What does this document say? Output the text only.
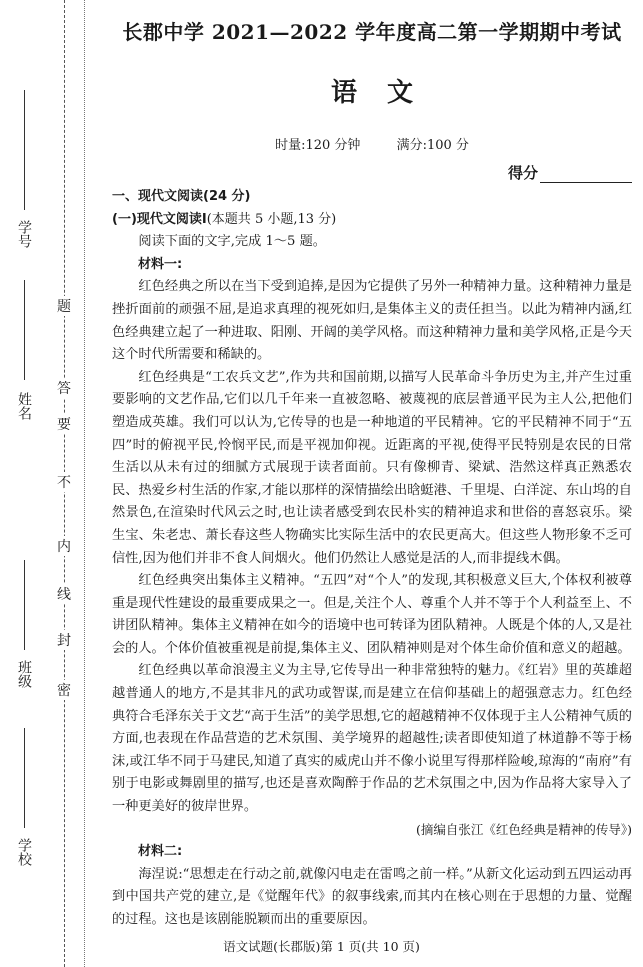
学号
姓名
班级
学校
题
答
要
不
内
线
封
密
长郡中学 2021—2022 学年度高二第一学期期中考试
语文
时量:120 分钟	满分:100 分
得分
一、现代文阅读(24 分)
(一)现代文阅读Ⅰ(本题共 5 小题,13 分)
阅读下面的文字,完成 1～5 题。
材料一:

红色经典之所以在当下受到追捧,是因为它提供了另外一种精神力量。这种精神力量是挫折面前的顽强不屈,是追求真理的视死如归,是集体主义的责任担当。以此为精神内涵,红色经典建立起了一种进取、阳刚、开阔的美学风格。而这种精神力量和美学风格,正是今天这个时代所需要和稀缺的。

红色经典是“工农兵文艺”,作为共和国前期,以描写人民革命斗争历史为主,并产生过重要影响的文艺作品,它们以几千年来一直被忽略、被蔑视的底层普通平民为主人公,把他们塑造成英雄。我们可以认为,它传导的也是一种地道的平民精神。它的平民精神不同于“五四”时的俯视平民,怜悯平民,而是平视加仰视。近距离的平视,使得平民特别是农民的日常生活以从未有过的细腻方式展现于读者面前。只有像柳青、梁斌、浩然这样真正熟悉农民、热爱乡村生活的作家,才能以那样的深情描绘出晗蜓港、千里堤、白洋淀、东山坞的自然景色,在渲染时代风云之时,也让读者感受到农民朴实的精神追求和世俗的喜怒哀乐。梁生宝、朱老忠、萧长春这些人物确实比实际生活中的农民更高大。但这些人物形象不乏可信性,因为他们并非不食人间烟火。他们仍然让人感觉是活的人,而非提线木偶。

红色经典突出集体主义精神。“五四”对“个人”的发现,其积极意义巨大,个体权利被尊重是现代性建设的最重要成果之一。但是,关注个人、尊重个人并不等于个人利益至上、不讲团队精神。集体主义精神在如今的语境中也可转译为团队精神。人既是个体的人,又是社会的人。个体价值被重视是前提,集体主义、团队精神则是对个体生命价值和意义的超越。

红色经典以革命浪漫主义为主导,它传导出一种非常独特的魅力。《红岩》里的英雄超越普通人的地方,不是其非凡的武功或智谋,而是建立在信仰基础上的超强意志力。红色经典符合毛泽东关于文艺“高于生活”的美学思想,它的超越精神不仅体现于主人公精神气质的方面,也表现在作品营造的艺术氛围、美学境界的超越性;读者即使知道了林道静不等于杨沫,或江华不同于马建民,知道了真实的威虎山并不像小说里写得那样险峻,琼海的“南府”有别于电影或舞剧里的描写,也还是喜欢陶醉于作品的艺术氛围之中,因为作品将大家导入了一种更美好的彼岸世界。

(摘编自张江《红色经典是精神的传导》)
材料二:

海涅说:“思想走在行动之前,就像闪电走在雷鸣之前一样。”从新文化运动到五四运动再到中国共产党的建立,是《觉醒年代》的叙事线索,而其内在核心则在于思想的力量、觉醒的过程。这也是该剧能脱颖而出的重要原因。

语文试题(长郡版)第 1 页(共 10 页)
